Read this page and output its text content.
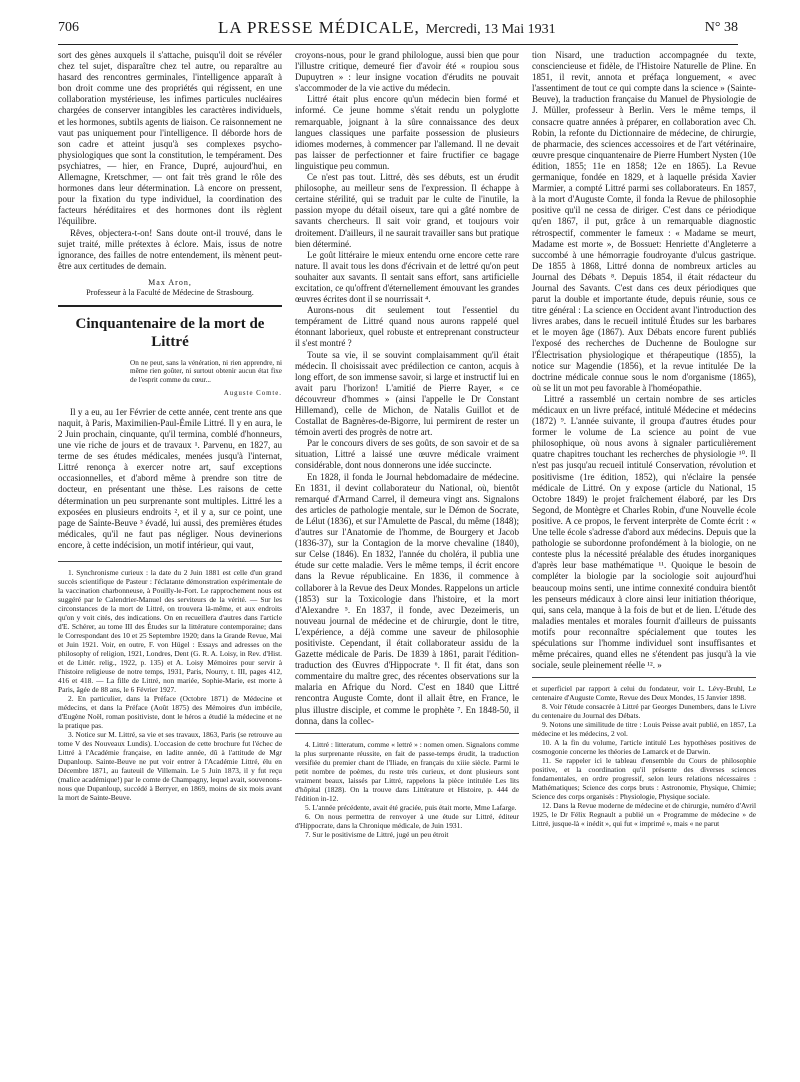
706	LA PRESSE MÉDICALE, Mercredi, 13 Mai 1931	N° 38

sort des gènes auxquels il s'attache, puisqu'il doit se révéler chez tel sujet, disparaître chez tel autre, ou reparaître au hasard des rencontres germinales, l'intelligence apparaît à bon droit comme une des propriétés qui régissent, en une collaboration mystérieuse, les infimes particules nucléaires chargées de conserver intangibles les caractères individuels, et les hormones, subtils agents de liaison. Ce raisonnement ne vaut pas uniquement pour l'intelligence. Il déborde hors de son cadre et atteint jusqu'à ses complexes psycho-physiologiques que sont la constitution, le tempérament. Des psychiatres, — hier, en France, Dupré, aujourd'hui, en Allemagne, Kretschmer, — ont fait très grand le rôle des hormones dans leur détermination. Là encore on pressent, pour la fixation du type individuel, la coordination des facteurs héréditaires et des hormones dont ils règlent l'équilibre.

Rêves, objectera-t-on! Sans doute ont-il trouvé, dans le sujet traité, mille prétextes à éclore. Mais, issus de notre ignorance, des failles de notre entendement, ils mènent peut-être aux certitudes de demain.

Max Aron,
Professeur à la Faculté de Médecine de Strasbourg.
Cinquantenaire de la mort de Littré
On ne peut, sans la vénération, ni rien apprendre, ni même rien goûter, ni surtout obtenir aucun état fixe de l'esprit comme du cœur...
Auguste Comte.

Il y a eu, au 1er Février de cette année, cent trente ans que naquit, à Paris, Maximilien-Paul-Émile Littré. Il y en aura, le 2 Juin prochain, cinquante, qu'il termina, comblé d'honneurs, une vie riche de jours et de travaux ¹. Parvenu, en 1827, au terme de ses études médicales, menées jusqu'à l'internat, Littré renonça à exercer notre art, sauf exceptions occasionnelles, et d'abord même à prendre son titre de docteur, en présentant une thèse. Les raisons de cette détermination un peu surprenante sont multiples. Littré les a exposées en plusieurs endroits ², et il y a, sur ce point, une page de Sainte-Beuve ³ évadé, lui aussi, des premières études médicales, qu'il ne faut pas négliger. Nous devinerions encore, à cette indécision, un motif intérieur, qui vaut,

1. Synchronisme curieux : la date du 2 Juin 1881 est celle d'un grand succès scientifique de Pasteur : l'éclatante démonstration expérimentale de la vaccination charbonneuse, à Pouilly-le-Fort. Le rapprochement nous est suggéré par le Calendrier-Manuel des serviteurs de la vérité. — Sur les circonstances de la mort de Littré, on trouvera là-même, et aux endroits qu'on y voit cités, des indications. On en recueillera d'autres dans l'article d'E. Schérer, au tome III des Études sur la littérature contemporaine; dans le Correspondant des 10 et 25 Septembre 1920; dans la Grande Revue, Mai et Juin 1921. Voir, en outre, F. von Hügel : Essays and adresses on the philosophy of religion, 1921, Londres, Dent (G. R. A. Loisy, in Rev. d'Hist. et de Littér. relig., 1922, p. 135) et A. Loisy Mémoires pour servir à l'histoire religieuse de notre temps, 1931, Paris, Nourry, t. III, pages 412, 416 et 418. — La fille de Littré, non mariée, Sophie-Marie, est morte à Paris, âgée de 88 ans, le 6 Février 1927.

2. En particulier, dans la Préface (Octobre 1871) de Médecine et médecins, et dans la Préface (Août 1875) des Mémoires d'un imbécile, d'Eugène Noël, roman positiviste, dont le héros a étudié la médecine et ne la pratique pas.

3. Notice sur M. Littré, sa vie et ses travaux, 1863, Paris (se retrouve au tome V des Nouveaux Lundis). L'occasion de cette brochure fut l'échec de Littré à l'Académie française, en ladite année, dû à l'attitude de Mgr Dupanloup. Sainte-Beuve ne put voir entrer à l'Académie Littré, élu en Décembre 1871, au fauteuil de Villemain. Le 5 Juin 1873, il y fut reçu (malice académique!) par le comte de Champagny, lequel avait, souvenons-nous que Dupanloup, succédé à Berryer, en 1869, moins de six mois avant la mort de Sainte-Beuve.

croyons-nous, pour le grand philologue, aussi bien que pour l'illustre critique, demeuré fier d'avoir été « roupiou sous Dupuytren » : leur insigne vocation d'érudits ne pouvait s'accommoder de la vie active du médecin.

Littré était plus encore qu'un médecin bien formé et informé. Ce jeune homme s'était rendu un polyglotte remarquable, joignant à la sûre connaissance des deux langues classiques une parfaite possession de plusieurs idiomes modernes, à commencer par l'allemand. Il ne devait pas laisser de perfectionner et faire fructifier ce bagage linguistique peu commun.

Ce n'est pas tout. Littré, dès ses débuts, est un érudit philosophe, au meilleur sens de l'expression. Il échappe à certaine stérilité, qui se traduit par le culte de l'inutile, la passion myope du détail oiseux, tare qui a gâté nombre de savants chercheurs. Il sait voir grand, et toujours voir droitement. D'ailleurs, il ne saurait travailler sans but pratique bien déterminé.

Le goût littéraire le mieux entendu orne encore cette rare nature. Il avait tous les dons d'écrivain et de lettré qu'on peut souhaiter aux savants. Il sentait sans effort, sans artificielle excitation, ce qu'offrent d'éternellement émouvant les grandes œuvres écrites dont il se nourrissait ⁴.

Aurons-nous dit seulement tout l'essentiel du tempérament de Littré quand nous aurons rappelé quel étonnant laborieux, quel robuste et entreprenant constructeur il s'est montré ?

Toute sa vie, il se souvint complaisamment qu'il était médecin. Il choisissait avec prédilection ce canton, acquis à long effort, de son immense savoir, si large et instructif lui en avait paru l'horizon! L'amitié de Pierre Rayer, « ce découvreur d'hommes » (ainsi l'appelle le Dr Constant Hillemand), celle de Michon, de Natalis Guillot et de Costallat de Bagnères-de-Bigorre, lui permirent de rester un témoin averti des progrès de notre art.

Par le concours divers de ses goûts, de son savoir et de sa situation, Littré a laissé une œuvre médicale vraiment considérable, dont nous donnerons une idée succincte.

En 1828, il fonda le Journal hebdomadaire de médecine. En 1831, il devint collaborateur du National, où, bientôt remarqué d'Armand Carrel, il demeura vingt ans. Signalons des articles de pathologie mentale, sur le Démon de Socrate, de Lélut (1836), et sur l'Amulette de Pascal, du même (1848); d'autres sur l'Anatomie de l'homme, de Bourgery et Jacob (1836-37), sur la Contagion de la morve chevaline (1840), sur Celse (1846). En 1832, l'année du choléra, il publia une étude sur cette maladie. Vers le même temps, il écrit encore dans la Revue républicaine. En 1836, il commence à collaborer à la Revue des Deux Mondes. Rappelons un article (1853) sur la Toxicologie dans l'histoire, et la mort d'Alexandre ⁵. En 1837, il fonde, avec Dezeimeris, un nouveau journal de médecine et de chirurgie, dont le titre, L'expérience, a déjà comme une saveur de philosophie positiviste. Cependant, il était collaborateur assidu de la Gazette médicale de Paris. De 1839 à 1861, parait l'édition-traduction des Œuvres d'Hippocrate ⁶. Il fit état, dans son commentaire du maître grec, des récentes observations sur la malaria en Afrique du Nord. C'est en 1840 que Littré rencontra Auguste Comte, dont il allait être, en France, le plus illustre disciple, et comme le prophète ⁷. En 1848-50, il donna, dans la collec-

4. Littré : litteratum, comme « lettré » : nomen omen. Signalons comme la plus surprenante réussite, en fait de passe-temps érudit, la traduction versifiée du premier chant de l'Iliade, en français du xiiie siècle. Parmi le petit nombre de poèmes, du reste très curieux, et dont plusieurs sont vraiment beaux, laissés par Littré, rappelons la pièce intitulée Les lits d'hôpital (1828). On la trouve dans Littérature et Histoire, p. 444 de l'édition in-12.

5. L'année précédente, avait été graciée, puis était morte, Mme Lafarge.

6. On nous permettra de renvoyer à une étude sur Littré, éditeur d'Hippocrate, dans la Chronique médicale, de Juin 1931.

7. Sur le positivisme de Littré, jugé un peu étroit

tion Nisard, une traduction accompagnée du texte, consciencieuse et fidèle, de l'Histoire Naturelle de Pline. En 1851, il revit, annota et préfaça longuement, « avec l'assentiment de tout ce qui compte dans la science » (Sainte-Beuve), la traduction française du Manuel de Physiologie de J. Müller, professeur à Berlin. Vers le même temps, il consacre quatre années à préparer, en collaboration avec Ch. Robin, la refonte du Dictionnaire de médecine, de chirurgie, de pharmacie, des sciences accessoires et de l'art vétérinaire, œuvre presque cinquantenaire de Pierre Humbert Nysten (10e édition, 1855; 11e en 1858; 12e en 1865). La Revue germanique, fondée en 1829, et à laquelle présida Xavier Marmier, a compté Littré parmi ses collaborateurs. En 1857, à la mort d'Auguste Comte, il fonda la Revue de philosophie positive qu'il ne cessa de diriger. C'est dans ce périodique qu'en 1867, il put, grâce à un remarquable diagnostic rétrospectif, commenter le fameux : « Madame se meurt, Madame est morte », de Bossuet: Henriette d'Angleterre a succombé à une hémorragie foudroyante d'ulcus gastrique. De 1855 à 1868, Littré donna de nombreux articles au Journal des Débats ⁸. Depuis 1854, il était rédacteur du Journal des Savants. C'est dans ces deux périodiques que parut la double et importante étude, depuis réunie, sous ce titre général : La science en Occident avant l'introduction des livres arabes, dans le recueil intitulé Études sur les barbares et le moyen âge (1867). Aux Débats encore furent publiés l'exposé des recherches de Duchenne de Boulogne sur l'Électrisation physiologique et thérapeutique (1855), la notice sur Magendie (1856), et la revue intitulée De la doctrine médicale connue sous le nom d'organisme (1865), où se lit un mot peu favorable à l'homéopathie.

Littré a rassemblé un certain nombre de ses articles médicaux en un livre préfacé, intitulé Médecine et médecins (1872) ⁹. L'année suivante, il groupa d'autres études pour former le volume de La science au point de vue philosophique, où nous avons à signaler particulièrement quatre chapitres touchant les recherches de physiologie ¹⁰. Il n'est pas jusqu'au recueil intitulé Conservation, révolution et positivisme (1re édition, 1852), qui n'éclaire la pensée médicale de Littré. On y expose (article du National, 15 Octobre 1849) le projet fraîchement élaboré, par les Drs Segond, de Montègre et Charles Robin, d'une Nouvelle école positive. A ce propos, le fervent interprète de Comte écrit : « Une telle école s'adresse d'abord aux médecins. Depuis que la pathologie se subordonne profondément à la biologie, on ne conteste plus la nécessité préalable des études inorganiques d'après leur base mathématique ¹¹. Quoique le besoin de compléter la biologie par la sociologie soit aujourd'hui beaucoup moins senti, une intime connexité conduira bientôt les penseurs médicaux à clore ainsi leur initiation théorique, qui, sans cela, manque à la fois de but et de lien. L'étude des maladies mentales et morales fournit d'ailleurs de puissants motifs pour reconnaître spécialement que toutes les spéculations sur l'homme individuel sont insuffisantes et même précaires, quand elles ne s'étendent pas jusqu'à la vie sociale, seule pleinement réelle ¹². »

et superficiel par rapport à celui du fondateur, voir L. Lévy-Bruhl, Le centenaire d'Auguste Comte, Revue des Deux Mondes, 15 Janvier 1898.

8. Voir l'étude consacrée à Littré par Georges Dunembers, dans le Livre du centenaire du Journal des Débats.

9. Notons une similitude de titre : Louis Peisse avait publié, en 1857, La médecine et les médecins, 2 vol.

10. A la fin du volume, l'article intitulé Les hypothèses positives de cosmogonie concerne les théories de Lamarck et de Darwin.

11. Se rappeler ici le tableau d'ensemble du Cours de philosophie positive, et la coordination qu'il présente des diverses sciences fondamentales, en ordre progressif, selon leurs relations nécessaires : Mathématiques; Science des corps bruts : Astronomie, Physique, Chimie; Science des corps organisés : Physiologie, Physique sociale.

12. Dans la Revue moderne de médecine et de chirurgie, numéro d'Avril 1925, le Dr Félix Regnault a publié un « Programme de médecine » de Littré, jusque-là « inédit », qui fut « imprimé », mais « ne parut
